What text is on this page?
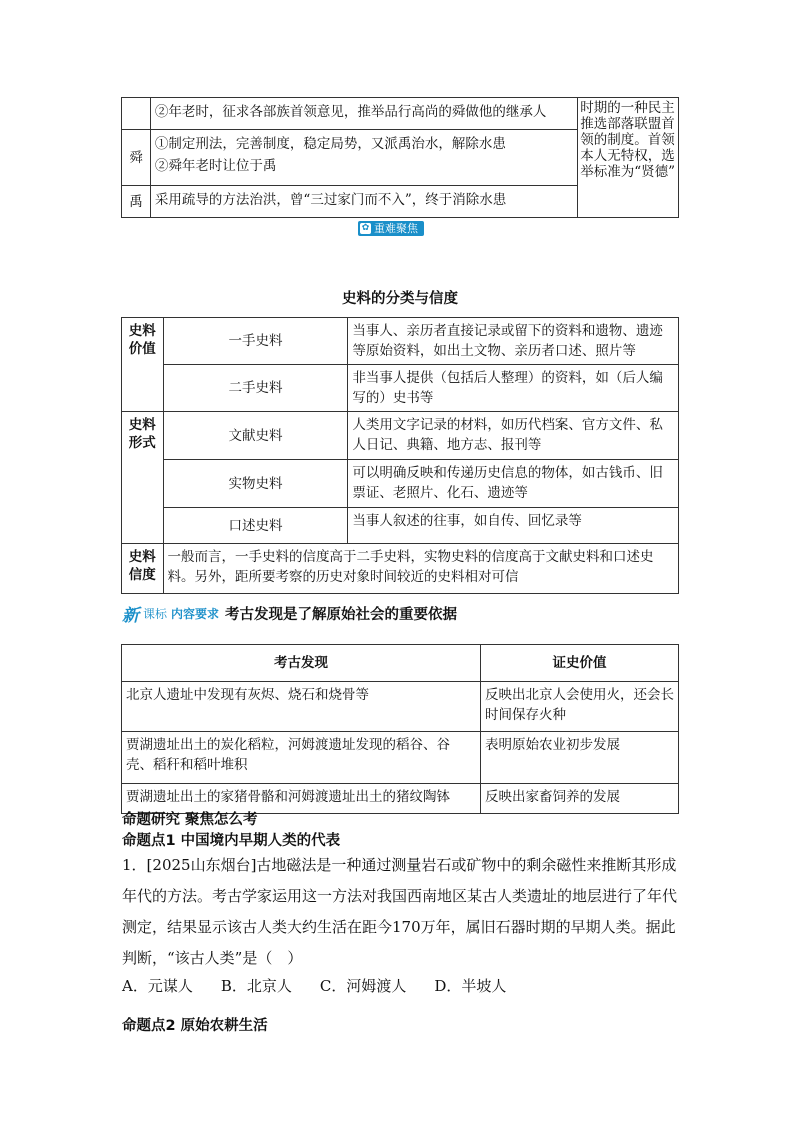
	②年老时，征求各部族首领意见，推举品行高尚的舜做他的继承人	时期的一种民主推选部落联盟首领的制度。首领本人无特权，选举标准为“贤德”
舜	①制定刑法，完善制度，稳定局势，又派禹治水，解除水患
②舜年老时让位于禹	

禹	采用疏导的方法治洪，曾“三过家门而不入”，终于消除水患	
✿ 重难聚焦
史料的分类与信度
史料价值	一手史料	当事人、亲历者直接记录或留下的资料和遗物、遗迹等原始资料，如出土文物、亲历者口述、照片等
	二手史料	非当事人提供（包括后人整理）的资料，如（后人编写的）史书等
史料形式	文献史料	人类用文字记录的材料，如历代档案、官方文件、私人日记、典籍、地方志、报刊等
	实物史料	可以明确反映和传递历史信息的物体，如古钱币、旧票证、老照片、化石、遗迹等
	口述史料	当事人叙述的往事，如自传、回忆录等
史料信度	一般而言，一手史料的信度高于二手史料，实物史料的信度高于文献史料和口述史料。另外，距所要考察的历史对象时间较近的史料相对可信	
新 课标 内容要求 考古发现是了解原始社会的重要依据
考古发现	证史价值
北京人遗址中发现有灰烬、烧石和烧骨等	反映出北京人会使用火，还会长时间保存火种
贾湖遗址出土的炭化稻粒，河姆渡遗址发现的稻谷、谷壳、稻秆和稻叶堆积	表明原始农业初步发展
贾湖遗址出土的家猪骨骼和河姆渡遗址出土的猪纹陶钵	反映出家畜饲养的发展
命题研究 聚焦怎么考
命题点1 中国境内早期人类的代表
1．[2025山东烟台]古地磁法是一种通过测量岩石或矿物中的剩余磁性来推断其形成年代的方法。考古学家运用这一方法对我国西南地区某古人类遗址的地层进行了年代测定，结果显示该古人类大约生活在距今170万年，属旧石器时期的早期人类。据此判断，“该古人类”是（　）
A．元谋人 B．北京人 C．河姆渡人 D．半坡人
命题点2 原始农耕生活
